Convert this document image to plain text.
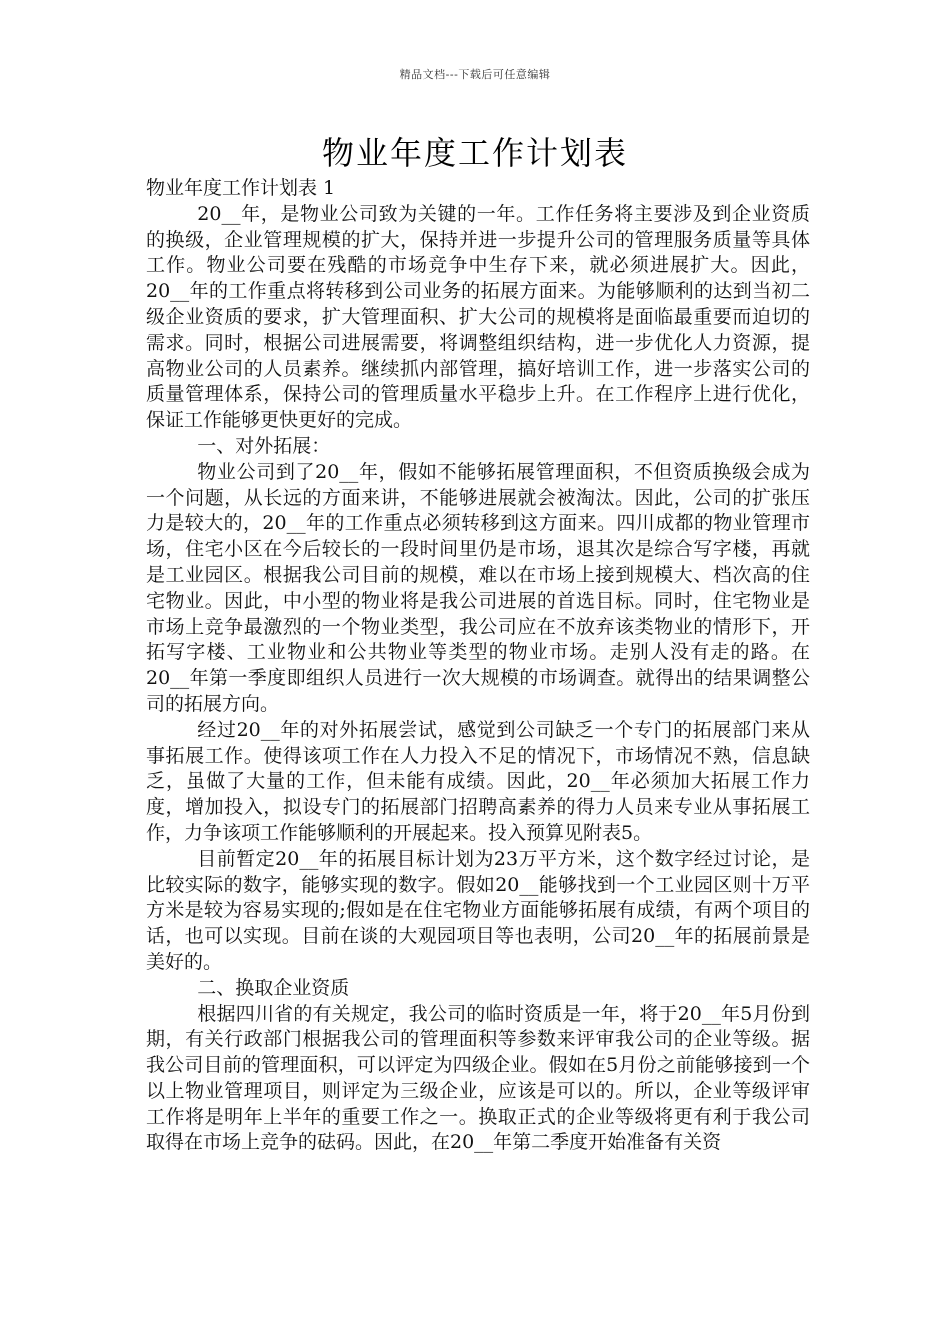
精品文档---下载后可任意编辑
物业年度工作计划表

物业年度工作计划表 1

20__年，是物业公司致为关键的一年。工作任务将主要涉及到企业资质的换级，企业管理规模的扩大，保持并进一步提升公司的管理服务质量等具体工作。物业公司要在残酷的市场竞争中生存下来，就必须进展扩大。因此，20__年的工作重点将转移到公司业务的拓展方面来。为能够顺利的达到当初二级企业资质的要求，扩大管理面积、扩大公司的规模将是面临最重要而迫切的需求。同时，根据公司进展需要，将调整组织结构，进一步优化人力资源，提高物业公司的人员素养。继续抓内部管理，搞好培训工作，进一步落实公司的质量管理体系，保持公司的管理质量水平稳步上升。在工作程序上进行优化，保证工作能够更快更好的完成。

一、对外拓展：

物业公司到了20__年，假如不能够拓展管理面积，不但资质换级会成为一个问题，从长远的方面来讲，不能够进展就会被淘汰。因此，公司的扩张压力是较大的，20__年的工作重点必须转移到这方面来。四川成都的物业管理市场，住宅小区在今后较长的一段时间里仍是市场，退其次是综合写字楼，再就是工业园区。根据我公司目前的规模，难以在市场上接到规模大、档次高的住宅物业。因此，中小型的物业将是我公司进展的首选目标。同时，住宅物业是市场上竞争最激烈的一个物业类型，我公司应在不放弃该类物业的情形下，开拓写字楼、工业物业和公共物业等类型的物业市场。走别人没有走的路。在20__年第一季度即组织人员进行一次大规模的市场调查。就得出的结果调整公司的拓展方向。

经过20__年的对外拓展尝试，感觉到公司缺乏一个专门的拓展部门来从事拓展工作。使得该项工作在人力投入不足的情况下，市场情况不熟，信息缺乏，虽做了大量的工作，但未能有成绩。因此，20__年必须加大拓展工作力度，增加投入，拟设专门的拓展部门招聘高素养的得力人员来专业从事拓展工作，力争该项工作能够顺利的开展起来。投入预算见附表5。

目前暂定20__年的拓展目标计划为23万平方米，这个数字经过讨论，是比较实际的数字，能够实现的数字。假如20__能够找到一个工业园区则十万平方米是较为容易实现的;假如是在住宅物业方面能够拓展有成绩，有两个项目的话，也可以实现。目前在谈的大观园项目等也表明，公司20__年的拓展前景是美好的。

二、换取企业资质

根据四川省的有关规定，我公司的临时资质是一年，将于20__年5月份到期，有关行政部门根据我公司的管理面积等参数来评审我公司的企业等级。据我公司目前的管理面积，可以评定为四级企业。假如在5月份之前能够接到一个以上物业管理项目，则评定为三级企业，应该是可以的。所以，企业等级评审工作将是明年上半年的重要工作之一。换取正式的企业等级将更有利于我公司取得在市场上竞争的砝码。因此，在20__年第二季度开始准备有关资
